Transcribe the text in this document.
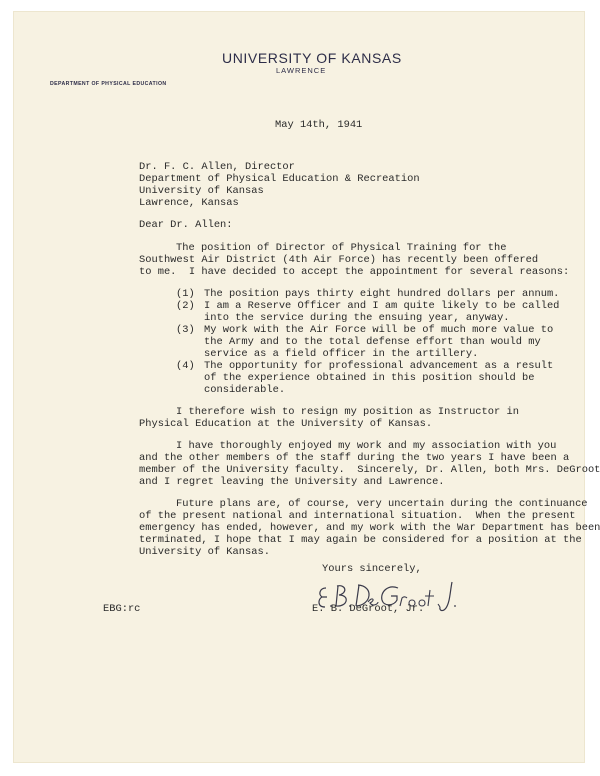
UNIVERSITY OF KANSAS

LAWRENCE

DEPARTMENT OF PHYSICAL EDUCATION

May 14th, 1941

Dr. F. C. Allen, Director

Department of Physical Education & Recreation

University of Kansas

Lawrence, Kansas

Dear Dr. Allen:

The position of Director of Physical Training for the

Southwest Air District (4th Air Force) has recently been offered

to me.  I have decided to accept the appointment for several reasons:

(1) The position pays thirty eight hundred dollars per annum.

(2) I am a Reserve Officer and I am quite likely to be called

into the service during the ensuing year, anyway.

(3) My work with the Air Force will be of much more value to

the Army and to the total defense effort than would my

service as a field officer in the artillery.

(4) The opportunity for professional advancement as a result

of the experience obtained in this position should be

considerable.

I therefore wish to resign my position as Instructor in

Physical Education at the University of Kansas.

I have thoroughly enjoyed my work and my association with you

and the other members of the staff during the two years I have been a

member of the University faculty.  Sincerely, Dr. Allen, both Mrs. DeGroot

and I regret leaving the University and Lawrence.

Future plans are, of course, very uncertain during the continuance

of the present national and international situation.  When the present

emergency has ended, however, and my work with the War Department has been

terminated, I hope that I may again be considered for a position at the

University of Kansas.

Yours sincerely,

EBG:rc	E. B. DeGroot, Jr.
